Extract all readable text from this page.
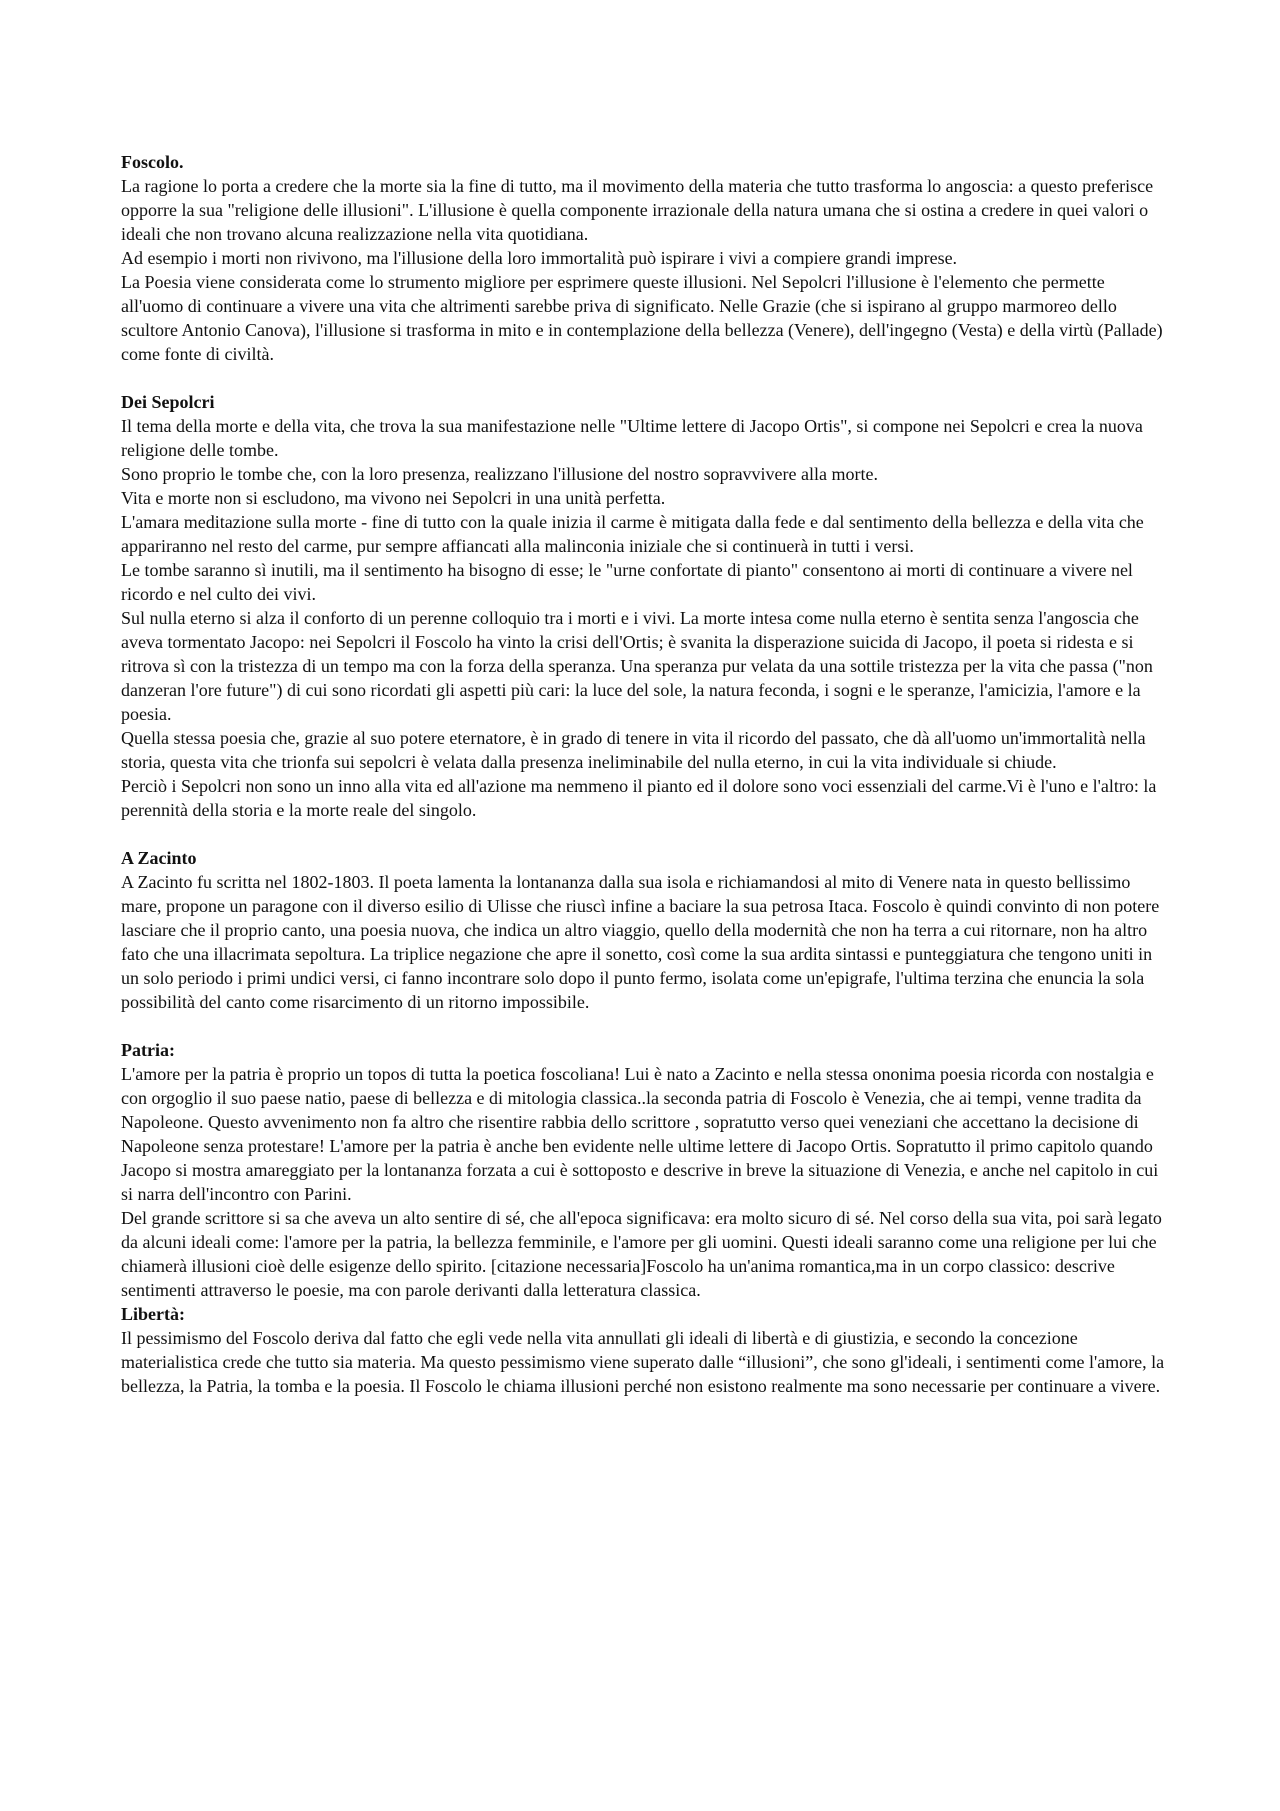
Foscolo.

La ragione lo porta a credere che la morte sia la fine di tutto, ma il movimento della materia che tutto trasforma lo angoscia: a questo preferisce opporre la sua "religione delle illusioni". L'illusione è quella componente irrazionale della natura umana che si ostina a credere in quei valori o ideali che non trovano alcuna realizzazione nella vita quotidiana.

Ad esempio i morti non rivivono, ma l'illusione della loro immortalità può ispirare i vivi a compiere grandi imprese.

La Poesia viene considerata come lo strumento migliore per esprimere queste illusioni. Nel Sepolcri l'illusione è l'elemento che permette all'uomo di continuare a vivere una vita che altrimenti sarebbe priva di significato. Nelle Grazie (che si ispirano al gruppo marmoreo dello scultore Antonio Canova), l'illusione si trasforma in mito e in contemplazione della bellezza (Venere), dell'ingegno (Vesta) e della virtù (Pallade) come fonte di civiltà.

Dei Sepolcri

Il tema della morte e della vita, che trova la sua manifestazione nelle "Ultime lettere di Jacopo Ortis", si compone nei Sepolcri e crea la nuova religione delle tombe.

Sono proprio le tombe che, con la loro presenza, realizzano l'illusione del nostro sopravvivere alla morte.

Vita e morte non si escludono, ma vivono nei Sepolcri in una unità perfetta.

L'amara meditazione sulla morte - fine di tutto con la quale inizia il carme è mitigata dalla fede e dal sentimento della bellezza e della vita che appariranno nel resto del carme, pur sempre affiancati alla malinconia iniziale che si continuerà in tutti i versi.

Le tombe saranno sì inutili, ma il sentimento ha bisogno di esse; le "urne confortate di pianto" consentono ai morti di continuare a vivere nel ricordo e nel culto dei vivi.

Sul nulla eterno si alza il conforto di un perenne colloquio tra i morti e i vivi. La morte intesa come nulla eterno è sentita senza l'angoscia che aveva tormentato Jacopo: nei Sepolcri il Foscolo ha vinto la crisi dell'Ortis; è svanita la disperazione suicida di Jacopo, il poeta si ridesta e si ritrova sì con la tristezza di un tempo ma con la forza della speranza. Una speranza pur velata da una sottile tristezza per la vita che passa ("non danzeran l'ore future") di cui sono ricordati gli aspetti più cari: la luce del sole, la natura feconda, i sogni e le speranze, l'amicizia, l'amore e la poesia.

Quella stessa poesia che, grazie al suo potere eternatore, è in grado di tenere in vita il ricordo del passato, che dà all'uomo un'immortalità nella storia, questa vita che trionfa sui sepolcri è velata dalla presenza ineliminabile del nulla eterno, in cui la vita individuale si chiude.

Perciò i Sepolcri non sono un inno alla vita ed all'azione ma nemmeno il pianto ed il dolore sono voci essenziali del carme.Vi è l'uno e l'altro: la perennità della storia e la morte reale del singolo.

A Zacinto

A Zacinto fu scritta nel 1802-1803. Il poeta lamenta la lontananza dalla sua isola e richiamandosi al mito di Venere nata in questo bellissimo mare, propone un paragone con il diverso esilio di Ulisse che riuscì infine a baciare la sua petrosa Itaca. Foscolo è quindi convinto di non potere lasciare che il proprio canto, una poesia nuova, che indica un altro viaggio, quello della modernità che non ha terra a cui ritornare, non ha altro fato che una illacrimata sepoltura. La triplice negazione che apre il sonetto, così come la sua ardita sintassi e punteggiatura che tengono uniti in un solo periodo i primi undici versi, ci fanno incontrare solo dopo il punto fermo, isolata come un'epigrafe, l'ultima terzina che enuncia la sola possibilità del canto come risarcimento di un ritorno impossibile.

Patria:

L'amore per la patria è proprio un topos di tutta la poetica foscoliana! Lui è nato a Zacinto e nella stessa ononima poesia ricorda con nostalgia e con orgoglio il suo paese natio, paese di bellezza e di mitologia classica..la seconda patria di Foscolo è Venezia, che ai tempi, venne tradita da Napoleone. Questo avvenimento non fa altro che risentire rabbia dello scrittore , sopratutto verso quei veneziani che accettano la decisione di Napoleone senza protestare! L'amore per la patria è anche ben evidente nelle ultime lettere di Jacopo Ortis. Sopratutto il primo capitolo quando Jacopo si mostra amareggiato per la lontananza forzata a cui è sottoposto e descrive in breve la situazione di Venezia, e anche nel capitolo in cui si narra dell'incontro con Parini.

Del grande scrittore si sa che aveva un alto sentire di sé, che all'epoca significava: era molto sicuro di sé. Nel corso della sua vita, poi sarà legato da alcuni ideali come: l'amore per la patria, la bellezza femminile, e l'amore per gli uomini. Questi ideali saranno come una religione per lui che chiamerà illusioni cioè delle esigenze dello spirito. [citazione necessaria]Foscolo ha un'anima romantica,ma in un corpo classico: descrive sentimenti attraverso le poesie, ma con parole derivanti dalla letteratura classica.

Libertà:

Il pessimismo del Foscolo deriva dal fatto che egli vede nella vita annullati gli ideali di libertà e di giustizia, e secondo la concezione materialistica crede che tutto sia materia. Ma questo pessimismo viene superato dalle “illusioni”, che sono gl'ideali, i sentimenti come l'amore, la bellezza, la Patria, la tomba e la poesia. Il Foscolo le chiama illusioni perché non esistono realmente ma sono necessarie per continuare a vivere.
